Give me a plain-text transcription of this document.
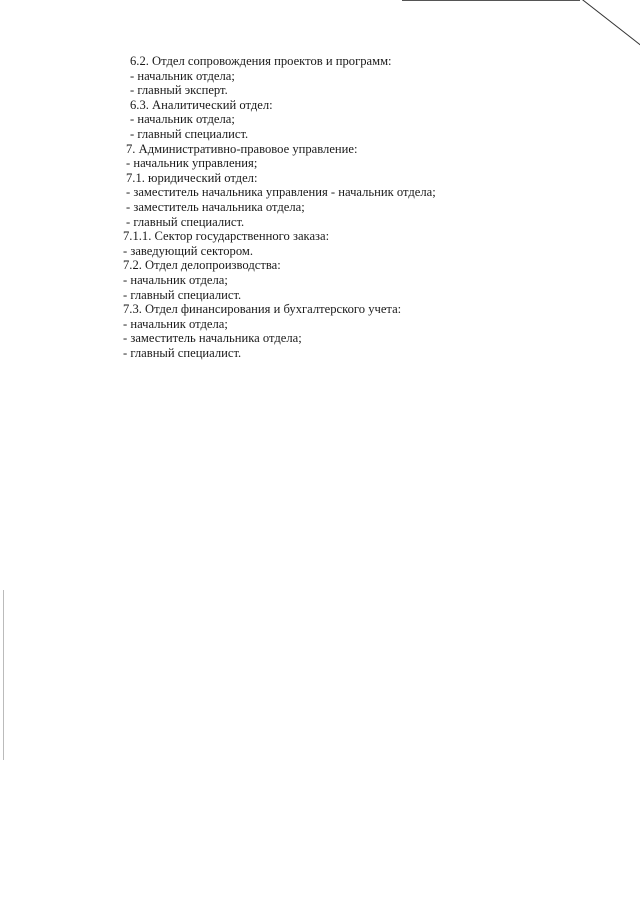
6.2. Отдел сопровождения проектов и программ:
- начальник отдела;
- главный эксперт.
6.3. Аналитический отдел:
- начальник отдела;
- главный специалист.
7. Административно-правовое управление:
- начальник управления;
7.1. юридический отдел:
- заместитель начальника управления - начальник отдела;
- заместитель начальника отдела;
- главный специалист.
7.1.1. Сектор государственного заказа:
- заведующий сектором.
7.2. Отдел делопроизводства:
- начальник отдела;
- главный специалист.
7.3. Отдел финансирования и бухгалтерского учета:
- начальник отдела;
- заместитель начальника отдела;
- главный специалист.
